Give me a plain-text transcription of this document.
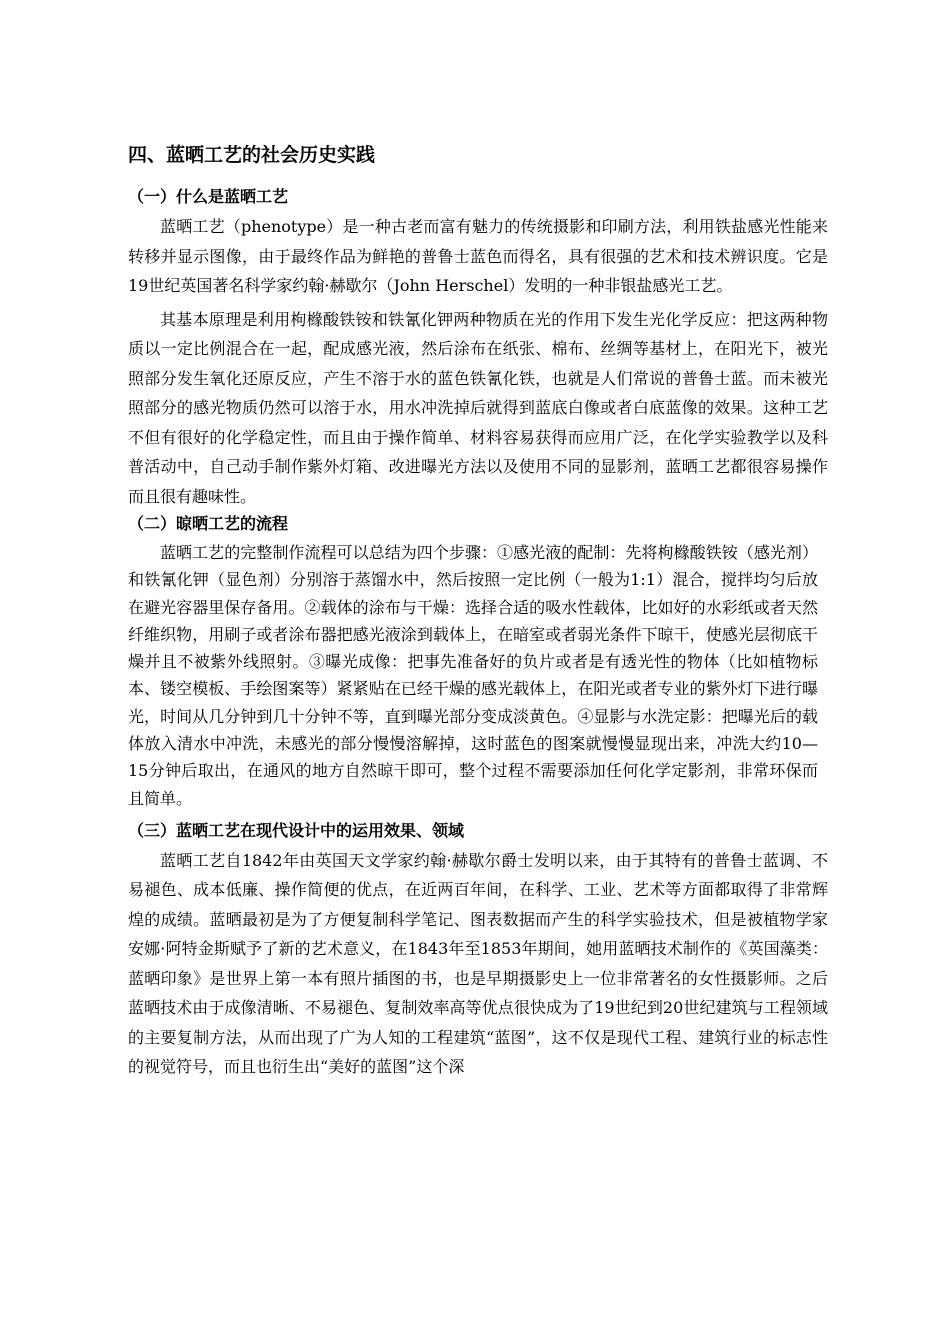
四、蓝晒工艺的社会历史实践
（一）什么是蓝晒工艺

蓝晒工艺（phenotype）是一种古老而富有魅力的传统摄影和印刷方法，利用铁盐感光性能来转移并显示图像，由于最终作品为鲜艳的普鲁士蓝色而得名，具有很强的艺术和技术辨识度。它是19世纪英国著名科学家约翰·赫歇尔（John Herschel）发明的一种非银盐感光工艺。

其基本原理是利用枸橼酸铁铵和铁氰化钾两种物质在光的作用下发生光化学反应：把这两种物质以一定比例混合在一起，配成感光液，然后涂布在纸张、棉布、丝绸等基材上，在阳光下，被光照部分发生氧化还原反应，产生不溶于水的蓝色铁氰化铁，也就是人们常说的普鲁士蓝。而未被光照部分的感光物质仍然可以溶于水，用水冲洗掉后就得到蓝底白像或者白底蓝像的效果。这种工艺不但有很好的化学稳定性，而且由于操作简单、材料容易获得而应用广泛，在化学实验教学以及科普活动中，自己动手制作紫外灯箱、改进曝光方法以及使用不同的显影剂，蓝晒工艺都很容易操作而且很有趣味性。

（二）晾晒工艺的流程

蓝晒工艺的完整制作流程可以总结为四个步骤：①感光液的配制：先将枸橼酸铁铵（感光剂）和铁氰化钾（显色剂）分别溶于蒸馏水中，然后按照一定比例（一般为1:1）混合，搅拌均匀后放在避光容器里保存备用。②载体的涂布与干燥：选择合适的吸水性载体，比如好的水彩纸或者天然纤维织物，用刷子或者涂布器把感光液涂到载体上，在暗室或者弱光条件下晾干，使感光层彻底干燥并且不被紫外线照射。③曝光成像：把事先准备好的负片或者是有透光性的物体（比如植物标本、镂空模板、手绘图案等）紧紧贴在已经干燥的感光载体上，在阳光或者专业的紫外灯下进行曝光，时间从几分钟到几十分钟不等，直到曝光部分变成淡黄色。④显影与水洗定影：把曝光后的载体放入清水中冲洗，未感光的部分慢慢溶解掉，这时蓝色的图案就慢慢显现出来，冲洗大约10—15分钟后取出，在通风的地方自然晾干即可，整个过程不需要添加任何化学定影剂，非常环保而且简单。

（三）蓝晒工艺在现代设计中的运用效果、领域

蓝晒工艺自1842年由英国天文学家约翰·赫歇尔爵士发明以来，由于其特有的普鲁士蓝调、不易褪色、成本低廉、操作简便的优点，在近两百年间，在科学、工业、艺术等方面都取得了非常辉煌的成绩。蓝晒最初是为了方便复制科学笔记、图表数据而产生的科学实验技术，但是被植物学家安娜·阿特金斯赋予了新的艺术意义，在1843年至1853年期间，她用蓝晒技术制作的《英国藻类：蓝晒印象》是世界上第一本有照片插图的书，也是早期摄影史上一位非常著名的女性摄影师。之后蓝晒技术由于成像清晰、不易褪色、复制效率高等优点很快成为了19世纪到20世纪建筑与工程领域的主要复制方法，从而出现了广为人知的工程建筑“蓝图”，这不仅是现代工程、建筑行业的标志性的视觉符号，而且也衍生出“美好的蓝图”这个深
